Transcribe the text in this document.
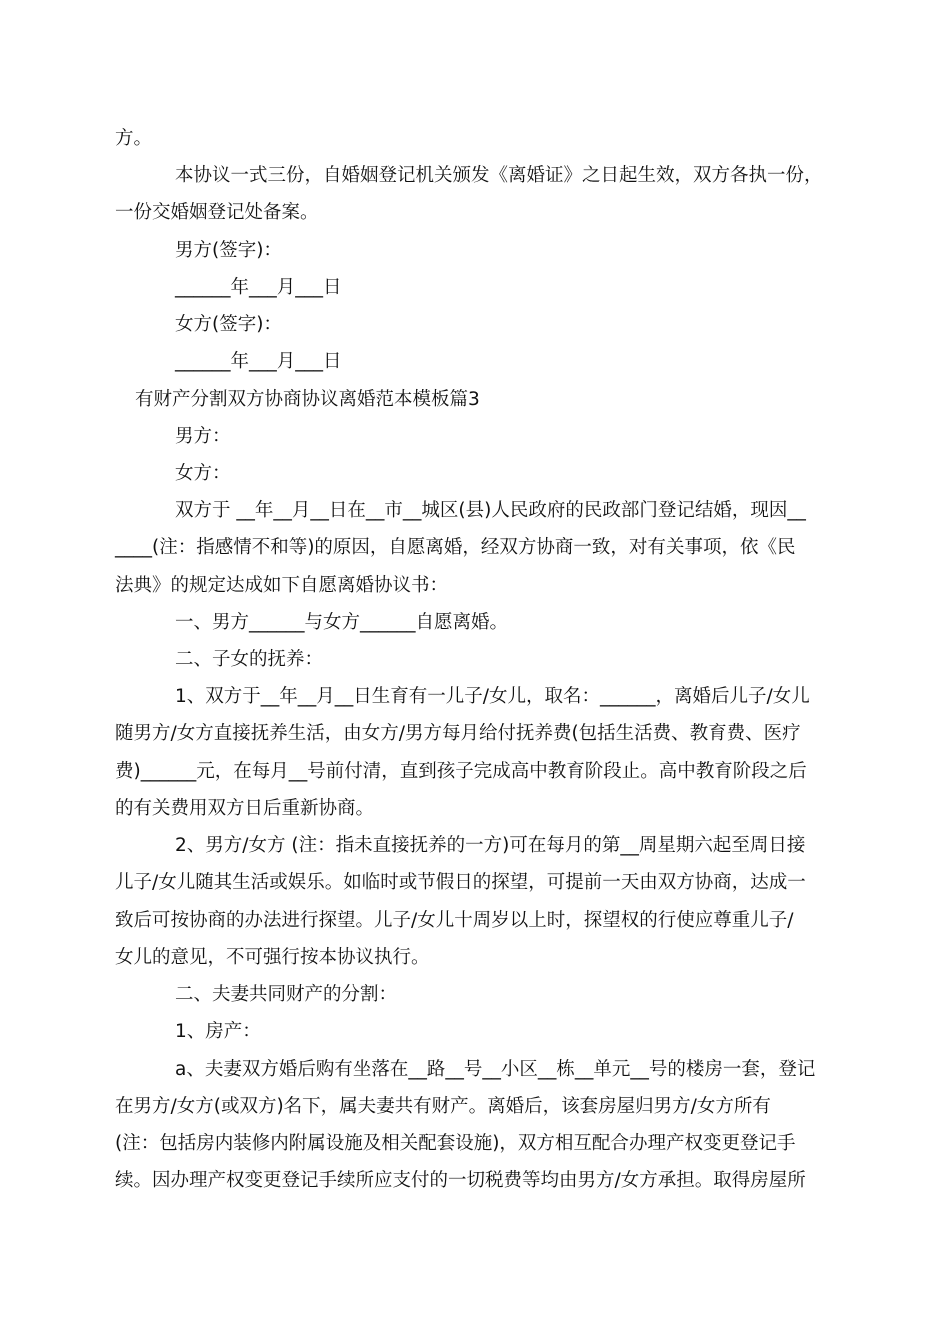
方。
本协议一式三份，自婚姻登记机关颁发《离婚证》之日起生效，双方各执一份，
一份交婚姻登记处备案。
男方(签字)：
______年___月___日
女方(签字)：
______年___月___日
有财产分割双方协商协议离婚范本模板篇3
男方：
女方：
双方于 __年__月__日在__市__城区(县)人民政府的民政部门登记结婚，现因__
____(注：指感情不和等)的原因，自愿离婚，经双方协商一致，对有关事项，依《民
法典》的规定达成如下自愿离婚协议书：
一、男方______与女方______自愿离婚。
二、子女的抚养：
1、双方于__年__月__日生育有一儿子/女儿，取名：______，离婚后儿子/女儿
随男方/女方直接抚养生活，由女方/男方每月给付抚养费(包括生活费、教育费、医疗
费)______元，在每月__号前付清，直到孩子完成高中教育阶段止。高中教育阶段之后
的有关费用双方日后重新协商。
2、男方/女方 (注：指未直接抚养的一方)可在每月的第__周星期六起至周日接
儿子/女儿随其生活或娱乐。如临时或节假日的探望，可提前一天由双方协商，达成一
致后可按协商的办法进行探望。儿子/女儿十周岁以上时，探望权的行使应尊重儿子/
女儿的意见，不可强行按本协议执行。
二、夫妻共同财产的分割：
1、房产：
a、夫妻双方婚后购有坐落在__路__号__小区__栋__单元__号的楼房一套，登记
在男方/女方(或双方)名下，属夫妻共有财产。离婚后，该套房屋归男方/女方所有
(注：包括房内装修内附属设施及相关配套设施)，双方相互配合办理产权变更登记手
续。因办理产权变更登记手续所应支付的一切税费等均由男方/女方承担。取得房屋所
